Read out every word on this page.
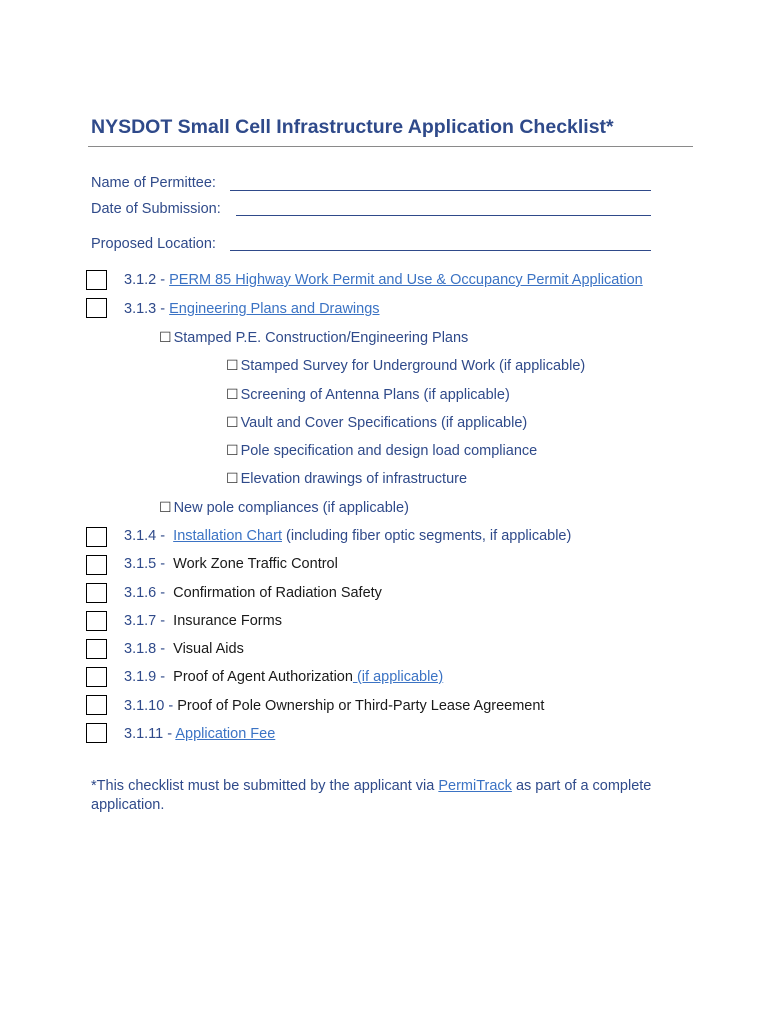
NYSDOT Small Cell Infrastructure Application Checklist*
Name of Permittee:
Date of Submission:
Proposed Location:
3.1.2 - PERM 85 Highway Work Permit and Use & Occupancy Permit Application
3.1.3 - Engineering Plans and Drawings
☐ Stamped P.E. Construction/Engineering Plans
☐ Stamped Survey for Underground Work (if applicable)
☐ Screening of Antenna Plans (if applicable)
☐ Vault and Cover Specifications (if applicable)
☐ Pole specification and design load compliance
☐ Elevation drawings of infrastructure
☐ New pole compliances (if applicable)
3.1.4 -  Installation Chart (including fiber optic segments, if applicable)
3.1.5 -  Work Zone Traffic Control
3.1.6 -  Confirmation of Radiation Safety
3.1.7 -  Insurance Forms
3.1.8 -  Visual Aids
3.1.9 -  Proof of Agent Authorization (if applicable)
3.1.10 - Proof of Pole Ownership or Third-Party Lease Agreement
3.1.11 - Application Fee
*This checklist must be submitted by the applicant via PermiTrack as part of a complete application.
